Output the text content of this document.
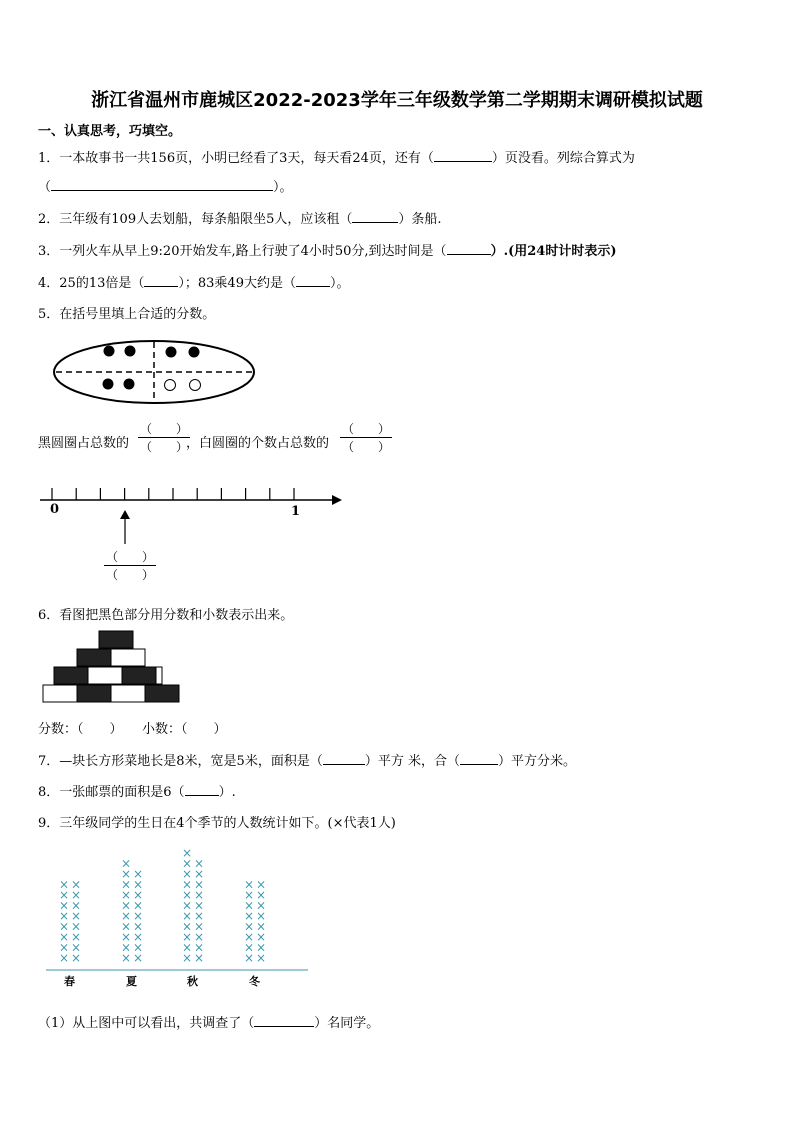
浙江省温州市鹿城区2022-2023学年三年级数学第二学期期末调研模拟试题
一、认真思考，巧填空。
1．一本故事书一共156页，小明已经看了3天，每天看24页，还有（	）页没看。列综合算式为
（	）。
2．三年级有109人去划船，每条船限坐5人，应该租（	）条船.
3．一列火车从早上9:20开始发车,路上行驶了4小时50分,到达时间是（	）.(用24时计时表示)
4．25的13倍是（	）；83乘49大约是（	）。
5．在括号里填上合适的分数。
黑圆圈占总数的
（　　）
（　　）
，白圆圈的个数占总数的
（　　）
（　　）
0	1
（　　）
（　　）
6．看图把黑色部分用分数和小数表示出来。
分数：（　　）　　小数：（　　）
7．—块长方形菜地长是8米，宽是5米，面积是（	）平方 米，合（	）平方分米。
8．一张邮票的面积是6（	）.
9．三年级同学的生日在4个季节的人数统计如下。(×代表1人)
× ×
× ×
× ×
× ×
× ×
× ×
× ×
× ×
× ×
× ×
× ×
× ×
× ×
× ×
× ×
× ×
× ×
×
× ×
× ×
× ×
× ×
× ×
× ×
× ×
× ×
× ×
× ×
×
× ×
× ×
× ×
× ×
× ×
× ×
× ×
× ×
春	夏	秋	冬
（1）从上图中可以看出，共调查了（	）名同学。
